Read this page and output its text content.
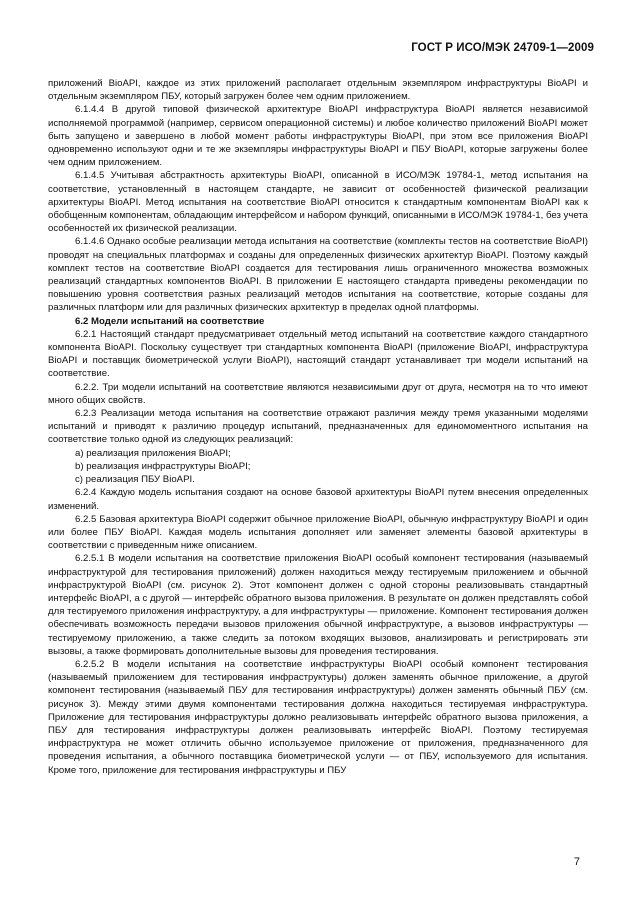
ГОСТ Р ИСО/МЭК 24709-1—2009

приложений BioAPI, каждое из этих приложений располагает отдельным экземпляром инфраструктуры BioAPI и отдельным экземпляром ПБУ, который загружен более чем одним приложением.

6.1.4.4 В другой типовой физической архитектуре BioAPI инфраструктура BioAPI является независимой исполняемой программой (например, сервисом операционной системы) и любое количество приложений BioAPI может быть запущено и завершено в любой момент работы инфраструктуры BioAPI, при этом все приложения BioAPI одновременно используют одни и те же экземпляры инфраструктуры BioAPI и ПБУ BioAPI, которые загружены более чем одним приложением.

6.1.4.5 Учитывая абстрактность архитектуры BioAPI, описанной в ИСО/МЭК 19784-1, метод испытания на соответствие, установленный в настоящем стандарте, не зависит от особенностей физической реализации архитектуры BioAPI. Метод испытания на соответствие BioAPI относится к стандартным компонентам BioAPI как к обобщенным компонентам, обладающим интерфейсом и набором функций, описанными в ИСО/МЭК 19784-1, без учета особенностей их физической реализации.

6.1.4.6 Однако особые реализации метода испытания на соответствие (комплекты тестов на соответствие BioAPI) проводят на специальных платформах и созданы для определенных физических архитектур BioAPI. Поэтому каждый комплект тестов на соответствие BioAPI создается для тестирования лишь ограниченного множества возможных реализаций стандартных компонентов BioAPI. В приложении Е настоящего стандарта приведены рекомендации по повышению уровня соответствия разных реализаций методов испытания на соответствие, которые созданы для различных платформ или для различных физических архитектур в пределах одной платформы.

6.2 Модели испытаний на соответствие

6.2.1 Настоящий стандарт предусматривает отдельный метод испытаний на соответствие каждого стандартного компонента BioAPI. Поскольку существует три стандартных компонента BioAPI (приложение BioAPI, инфраструктура BioAPI и поставщик биометрической услуги BioAPI), настоящий стандарт устанавливает три модели испытаний на соответствие.

6.2.2. Три модели испытаний на соответствие являются независимыми друг от друга, несмотря на то что имеют много общих свойств.

6.2.3 Реализации метода испытания на соответствие отражают различия между тремя указанными моделями испытаний и приводят к различию процедур испытаний, предназначенных для единомоментного испытания на соответствие только одной из следующих реализаций:

a) реализация приложения BioAPI;

b) реализация инфраструктуры BioAPI;

c) реализация ПБУ BioAPI.

6.2.4 Каждую модель испытания создают на основе базовой архитектуры BioAPI путем внесения определенных изменений.

6.2.5 Базовая архитектура BioAPI содержит обычное приложение BioAPI, обычную инфраструктуру BioAPI и один или более ПБУ BioAPI. Каждая модель испытания дополняет или заменяет элементы базовой архитектуры в соответствии с приведенным ниже описанием.

6.2.5.1 В модели испытания на соответствие приложения BioAPI особый компонент тестирования (называемый инфраструктурой для тестирования приложений) должен находиться между тестируемым приложением и обычной инфраструктурой BioAPI (см. рисунок 2). Этот компонент должен с одной стороны реализовывать стандартный интерфейс BioAPI, а с другой — интерфейс обратного вызова приложения. В результате он должен представлять собой для тестируемого приложения инфраструктуру, а для инфраструктуры — приложение. Компонент тестирования должен обеспечивать возможность передачи вызовов приложения обычной инфраструктуре, а вызовов инфраструктуры — тестируемому приложению, а также следить за потоком входящих вызовов, анализировать и регистрировать эти вызовы, а также формировать дополнительные вызовы для проведения тестирования.

6.2.5.2 В модели испытания на соответствие инфраструктуры BioAPI особый компонент тестирования (называемый приложением для тестирования инфраструктуры) должен заменять обычное приложение, а другой компонент тестирования (называемый ПБУ для тестирования инфраструктуры) должен заменять обычный ПБУ (см. рисунок 3). Между этими двумя компонентами тестирования должна находиться тестируемая инфраструктура. Приложение для тестирования инфраструктуры должно реализовывать интерфейс обратного вызова приложения, а ПБУ для тестирования инфраструктуры должен реализовывать интерфейс BioAPI. Поэтому тестируемая инфраструктура не может отличить обычно используемое приложение от приложения, предназначенного для проведения испытания, а обычного поставщика биометрической услуги — от ПБУ, используемого для испытания. Кроме того, приложение для тестирования инфраструктуры и ПБУ

7
